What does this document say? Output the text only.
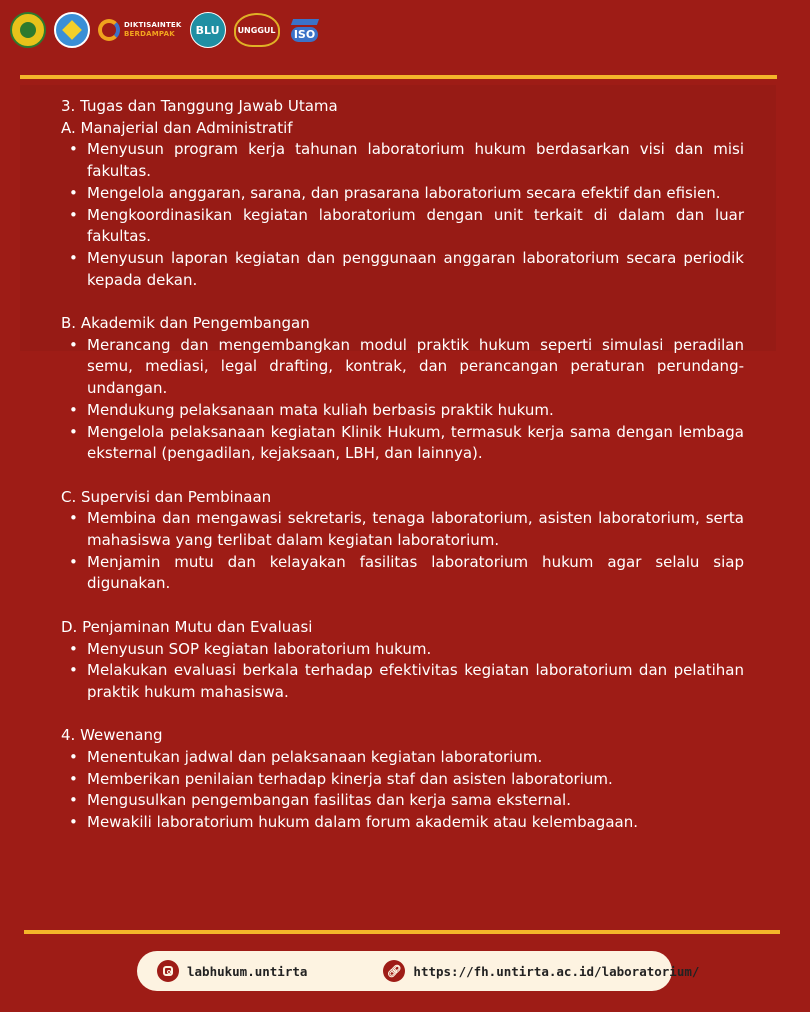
DIKTISAINTEK
BERDAMPAK	BLU UNGGUL ISO

3. Tugas dan Tanggung Jawab Utama

A. Manajerial dan Administratif

• Menyusun program kerja tahunan laboratorium hukum berdasarkan visi dan misi fakultas.
• Mengelola anggaran, sarana, dan prasarana laboratorium secara efektif dan efisien.
• Mengkoordinasikan kegiatan laboratorium dengan unit terkait di dalam dan luar fakultas.
• Menyusun laporan kegiatan dan penggunaan anggaran laboratorium secara periodik kepada dekan.

B. Akademik dan Pengembangan

• Merancang dan mengembangkan modul praktik hukum seperti simulasi peradilan semu, mediasi, legal drafting, kontrak, dan perancangan peraturan perundang-undangan.
• Mendukung pelaksanaan mata kuliah berbasis praktik hukum.
• Mengelola pelaksanaan kegiatan Klinik Hukum, termasuk kerja sama dengan lembaga eksternal (pengadilan, kejaksaan, LBH, dan lainnya).

C. Supervisi dan Pembinaan

• Membina dan mengawasi sekretaris, tenaga laboratorium, asisten laboratorium, serta mahasiswa yang terlibat dalam kegiatan laboratorium.
• Menjamin mutu dan kelayakan fasilitas laboratorium hukum agar selalu siap digunakan.

D. Penjaminan Mutu dan Evaluasi

• Menyusun SOP kegiatan laboratorium hukum.
• Melakukan evaluasi berkala terhadap efektivitas kegiatan laboratorium dan pelatihan praktik hukum mahasiswa.

4. Wewenang

• Menentukan jadwal dan pelaksanaan kegiatan laboratorium.
• Memberikan penilaian terhadap kinerja staf dan asisten laboratorium.
• Mengusulkan pengembangan fasilitas dan kerja sama eksternal.
• Mewakili laboratorium hukum dalam forum akademik atau kelembagaan.
labhukum.untirta	🔗︎ https://fh.untirta.ac.id/laboratorium/
